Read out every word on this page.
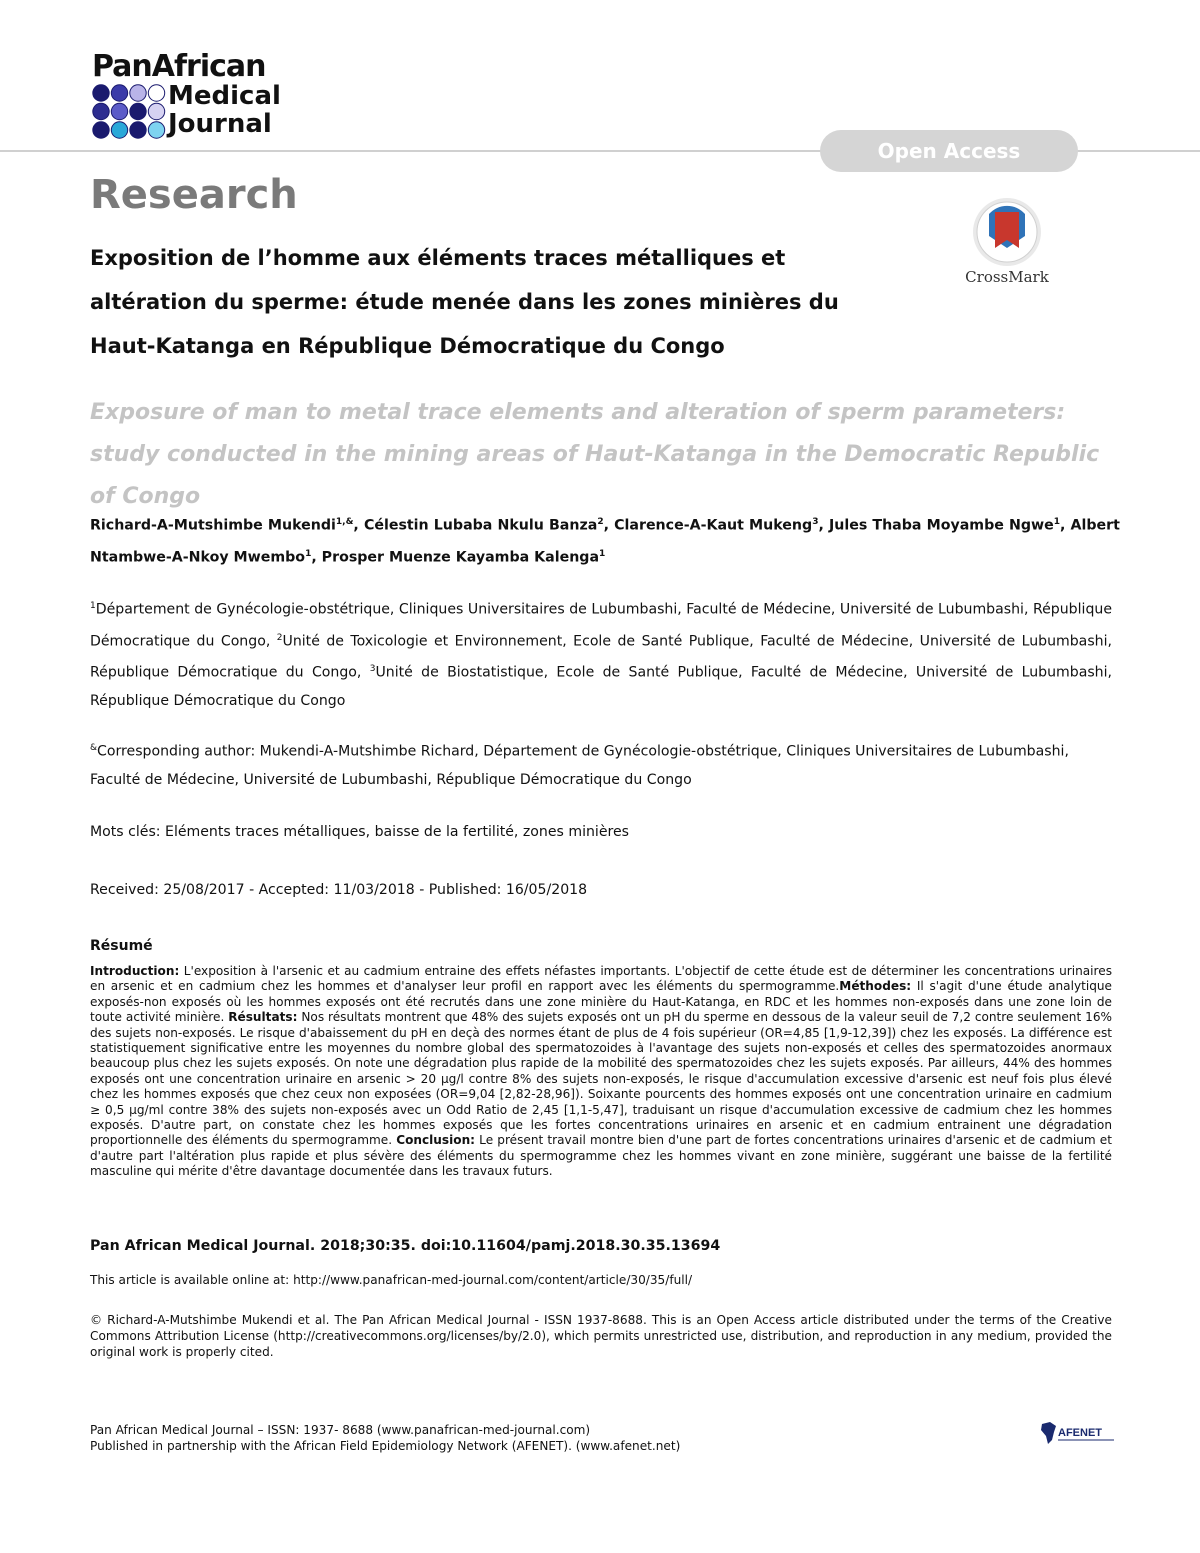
PanAfrican
Medical
Journal
Open Access
Research
CrossMark
Exposition de l’homme aux éléments traces métalliques et altération du sperme: étude menée dans les zones minières du Haut-Katanga en République Démocratique du Congo
Exposure of man to metal trace elements and alteration of sperm parameters: study conducted in the mining areas of Haut-Katanga in the Democratic Republic of Congo
Richard-A-Mutshimbe Mukendi$^{1,\&}$, Célestin Lubaba Nkulu Banza$^2$, Clarence-A-Kaut Mukeng$^3$, Jules Thaba Moyambe Ngwe$^1$, Albert Ntambwe-A-Nkoy Mwembo$^1$, Prosper Muenze Kayamba Kalenga$^1$
$^1$Département de Gynécologie-obstétrique, Cliniques Universitaires de Lubumbashi, Faculté de Médecine, Université de Lubumbashi, République Démocratique du Congo, $^2$Unité de Toxicologie et Environnement, Ecole de Santé Publique, Faculté de Médecine, Université de Lubumbashi, République Démocratique du Congo, $^3$Unité de Biostatistique, Ecole de Santé Publique, Faculté de Médecine, Université de Lubumbashi, République Démocratique du Congo
&Corresponding author: Mukendi-A-Mutshimbe Richard, Département de Gynécologie-obstétrique, Cliniques Universitaires de Lubumbashi, Faculté de Médecine, Université de Lubumbashi, République Démocratique du Congo
Mots clés: Eléments traces métalliques, baisse de la fertilité, zones minières
Received: 25/08/2017 - Accepted: 11/03/2018 - Published: 16/05/2018
Résumé
Introduction: L'exposition à l'arsenic et au cadmium entraine des effets néfastes importants. L'objectif de cette étude est de déterminer les concentrations urinaires en arsenic et en cadmium chez les hommes et d'analyser leur profil en rapport avec les éléments du spermogramme.Méthodes: Il s'agit d'une étude analytique exposés-non exposés où les hommes exposés ont été recrutés dans une zone minière du Haut-Katanga, en RDC et les hommes non-exposés dans une zone loin de toute activité minière. Résultats: Nos résultats montrent que 48% des sujets exposés ont un pH du sperme en dessous de la valeur seuil de 7,2 contre seulement 16% des sujets non-exposés. Le risque d'abaissement du pH en deçà des normes étant de plus de 4 fois supérieur (OR=4,85 [1,9-12,39]) chez les exposés. La différence est statistiquement significative entre les moyennes du nombre global des spermatozoides à l'avantage des sujets non-exposés et celles des spermatozoides anormaux beaucoup plus chez les sujets exposés. On note une dégradation plus rapide de la mobilité des spermatozoides chez les sujets exposés. Par ailleurs, 44% des hommes exposés ont une concentration urinaire en arsenic > 20 µg/l contre 8% des sujets non-exposés, le risque d'accumulation excessive d'arsenic est neuf fois plus élevé chez les hommes exposés que chez ceux non exposées (OR=9,04 [2,82-28,96]). Soixante pourcents des hommes exposés ont une concentration urinaire en cadmium ≥ 0,5 µg/ml contre 38% des sujets non-exposés avec un Odd Ratio de 2,45 [1,1-5,47], traduisant un risque d'accumulation excessive de cadmium chez les hommes exposés. D'autre part, on constate chez les hommes exposés que les fortes concentrations urinaires en arsenic et en cadmium entrainent une dégradation proportionnelle des éléments du spermogramme. Conclusion: Le présent travail montre bien d'une part de fortes concentrations urinaires d'arsenic et de cadmium et d'autre part l'altération plus rapide et plus sévère des éléments du spermogramme chez les hommes vivant en zone minière, suggérant une baisse de la fertilité masculine qui mérite d'être davantage documentée dans les travaux futurs.
Pan African Medical Journal. 2018;30:35. doi:10.11604/pamj.2018.30.35.13694
This article is available online at: http://www.panafrican-med-journal.com/content/article/30/35/full/
© Richard-A-Mutshimbe Mukendi et al. The Pan African Medical Journal - ISSN 1937-8688. This is an Open Access article distributed under the terms of the Creative Commons Attribution License (http://creativecommons.org/licenses/by/2.0), which permits unrestricted use, distribution, and reproduction in any medium, provided the original work is properly cited.
Pan African Medical Journal – ISSN: 1937- 8688 (www.panafrican-med-journal.com)
Published in partnership with the African Field Epidemiology Network (AFENET). (www.afenet.net)
AFENET
